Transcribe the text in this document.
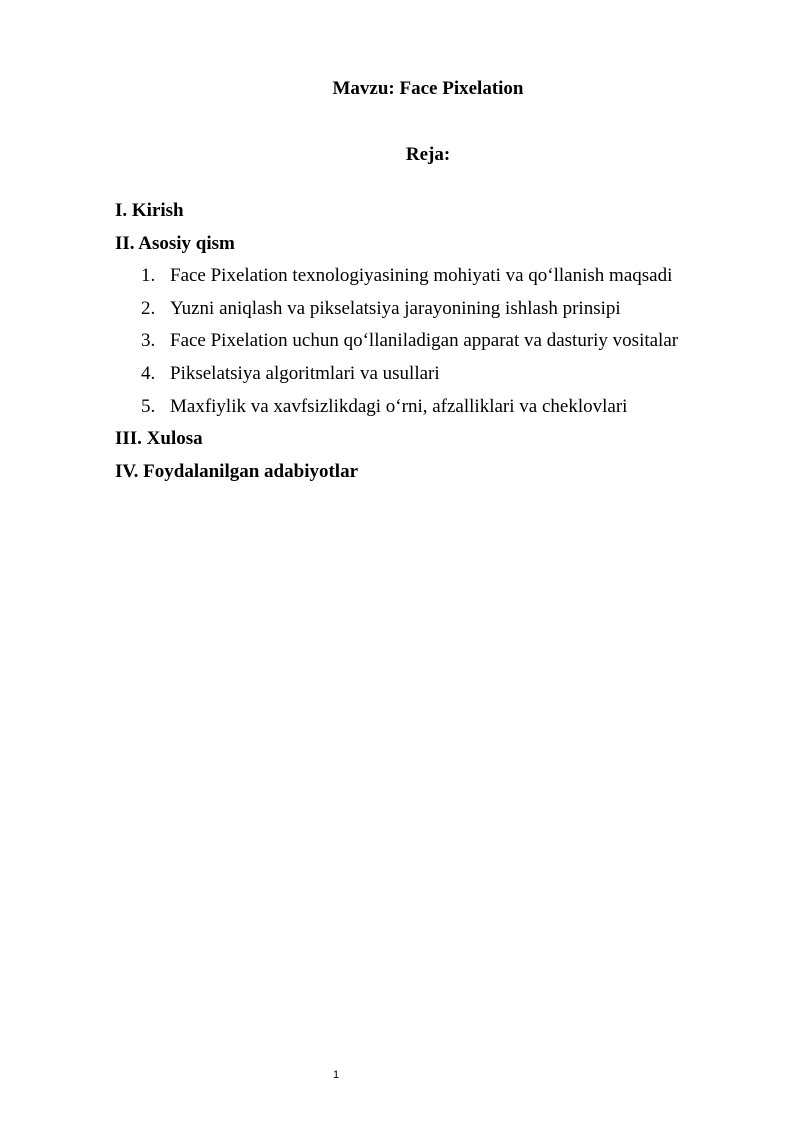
Mavzu: Face Pixelation
Reja:
I. Kirish
II. Asosiy qism
1. Face Pixelation texnologiyasining mohiyati va qo‘llanish maqsadi
2. Yuzni aniqlash va pikselatsiya jarayonining ishlash prinsipi
3. Face Pixelation uchun qo‘llaniladigan apparat va dasturiy vositalar
4. Pikselatsiya algoritmlari va usullari
5. Maxfiylik va xavfsizlikdagi o‘rni, afzalliklari va cheklovlari
III. Xulosa
IV. Foydalanilgan adabiyotlar
1
